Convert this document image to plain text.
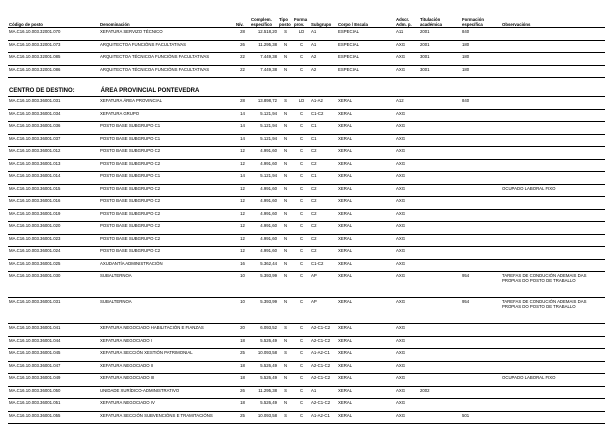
Código de posto	Denominación	Nív.	Complem. específico	Tipo posto	Forma prov.	Subgrupo	Corpo / Escala	Adscr. Adm. p.	Titulación académica	Formación específica	Observacións
MA.C16.10.003.32001.070	XEFATURA SERVIZO TÉCNICO	28	12.518,20	S	LD	A1	ESPECIAL	A11	2001	840	
MA.C16.10.003.32001.073	ARQUITECTOA FUNCIÓNS FACULTATIVAS	26	11.295,38	N	C	A1	ESPECIAL	AXG	2001	180	
MA.C16.10.003.32001.085	ARQUITECTOA TÉCNICOA FUNCIÓNS FACULTATIVAS	22	7.449,38	N	C	A2	ESPECIAL	AXG	3001	180	
MA.C16.10.003.32001.086	ARQUITECTOA TÉCNICOA FUNCIÓNS FACULTATIVAS	22	7.449,38	N	C	A2	ESPECIAL	AXG	3001	180	
CENTRO DE DESTINO: ÁREA PROVINCIAL PONTEVEDRA											
MA.C16.10.003.36001.031	XEFATURA ÁREA PROVINCIAL	28	13.898,72	S	LD	A1-A2	XERAL	A12		840	
MA.C16.10.003.36001.034	XEFATURA GRUPO	14	5.121,94	N	C	C1-C2	XERAL	AXG			
MA.C16.10.003.36001.036	POSTO BASE SUBGRUPO C1	14	5.121,94	N	C	C1	XERAL	AXG			
MA.C16.10.003.36001.037	POSTO BASE SUBGRUPO C1	14	5.121,94	N	C	C1	XERAL	AXG			
MA.C16.10.003.36001.012	POSTO BASE SUBGRUPO C2	12	4.991,60	N	C	C2	XERAL	AXG			
MA.C16.10.003.36001.013	POSTO BASE SUBGRUPO C2	12	4.991,60	N	C	C2	XERAL	AXG			
MA.C16.10.003.36001.014	POSTO BASE SUBGRUPO C1	14	5.121,94	N	C	C1	XERAL	AXG			
MA.C16.10.003.36001.015	POSTO BASE SUBGRUPO C2	12	4.991,60	N	C	C2	XERAL	AXG			OCUPADO LABORAL FIXO
MA.C16.10.003.36001.016	POSTO BASE SUBGRUPO C2	12	4.991,60	N	C	C2	XERAL	AXG			
MA.C16.10.003.36001.019	POSTO BASE SUBGRUPO C2	12	4.991,60	N	C	C2	XERAL	AXG			
MA.C16.10.003.36001.020	POSTO BASE SUBGRUPO C2	12	4.991,60	N	C	C2	XERAL	AXG			
MA.C16.10.003.36001.023	POSTO BASE SUBGRUPO C2	12	4.991,60	N	C	C2	XERAL	AXG			
MA.C16.10.003.36001.024	POSTO BASE SUBGRUPO C2	12	4.991,60	N	C	C2	XERAL	AXG			
MA.C16.10.003.36001.025	AXUDANTÍA ADMINISTRACIÓN	16	5.362,44	N	C	C1-C2	XERAL	AXG			
MA.C16.10.003.36001.030	SUBALTERNOA	10	5.393,99	N	C	AP	XERAL	AXG		954	TAREFAS DE CONDUCIÓN ADEMAIS DAS PROPIAS DO POSTO DE TRABALLO
MA.C16.10.003.36001.031	SUBALTERNOA	10	5.393,99	N	C	AP	XERAL	AXG		954	TAREFAS DE CONDUCIÓN ADEMAIS DAS PROPIAS DO POSTO DE TRABALLO
MA.C16.10.003.36001.041	XEFATURA NEGOCIADO HABILITACIÓN E FIANZAS	20	6.093,52	S	C	A2-C1-C2	XERAL	AXG			
MA.C16.10.003.36001.044	XEFATURA NEGOCIADO I	18	5.526,49	N	C	A2-C1-C2	XERAL	AXG			
MA.C16.10.003.36001.045	XEFATURA SECCIÓN XESTIÓN PATRIMONIAL	25	10.093,58	S	C	A1-A2-C1	XERAL	AXG			
MA.C16.10.003.36001.047	XEFATURA NEGOCIADO II	18	5.526,49	N	C	A2-C1-C2	XERAL	AXG			
MA.C16.10.003.36001.049	XEFATURA NEGOCIADO III	18	5.526,49	N	C	A2-C1-C2	XERAL	AXG			OCUPADO LABORAL FIXO
MA.C16.10.003.36001.050	UNIDADE XURÍDICO-ADMINISTRATIVO	26	11.295,38	S	C	A1	XERAL	AXG	2002		
MA.C16.10.003.36001.051	XEFATURA NEGOCIADO IV	18	5.526,49	N	C	A2-C1-C2	XERAL	AXG			
MA.C16.10.003.36001.055	XEFATURA SECCIÓN SUBVENCIÓNS E TRAMITACIÓNS	25	10.093,58	S	C	A1-A2-C1	XERAL	AXG		501	
